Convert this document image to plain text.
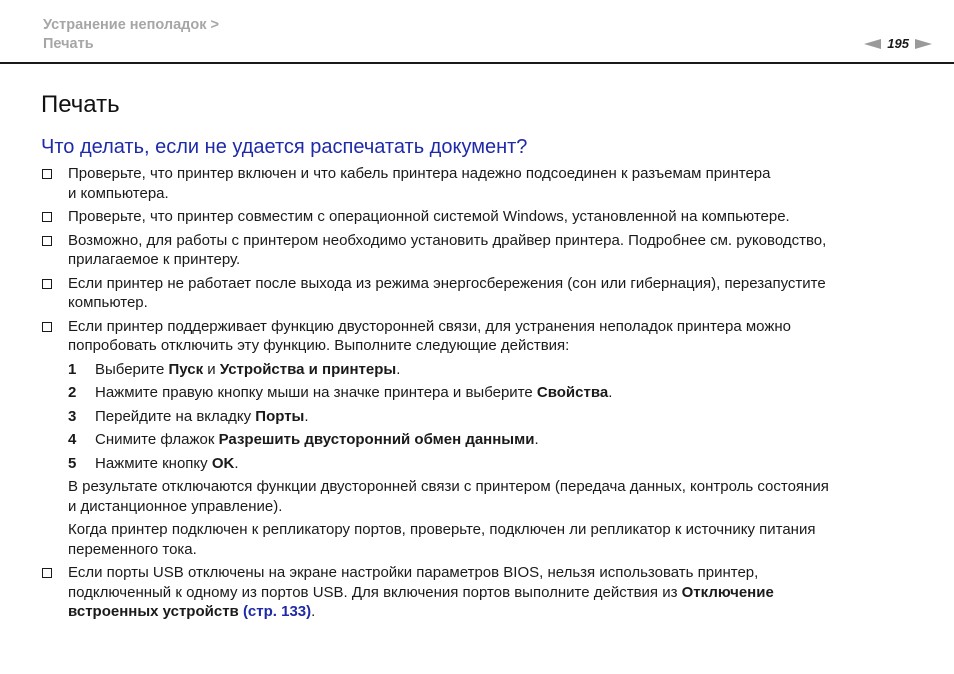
Устранение неполадок >
Печать	195
Печать
Что делать, если не удается распечатать документ?
Проверьте, что принтер включен и что кабель принтера надежно подсоединен к разъемам принтера
и компьютера.
Проверьте, что принтер совместим с операционной системой Windows, установленной на компьютере.
Возможно, для работы с принтером необходимо установить драйвер принтера. Подробнее см. руководство,
прилагаемое к принтеру.
Если принтер не работает после выхода из режима энергосбережения (сон или гибернация), перезапустите
компьютер.
Если принтер поддерживает функцию двусторонней связи, для устранения неполадок принтера можно
попробовать отключить эту функцию. Выполните следующие действия:
1 Выберите Пуск и Устройства и принтеры.
2 Нажмите правую кнопку мыши на значке принтера и выберите Свойства.
3 Перейдите на вкладку Порты.
4 Снимите флажок Разрешить двусторонний обмен данными.
5 Нажмите кнопку OK.
В результате отключаются функции двусторонней связи с принтером (передача данных, контроль состояния
и дистанционное управление).
Когда принтер подключен к репликатору портов, проверьте, подключен ли репликатор к источнику питания
переменного тока.
Если порты USB отключены на экране настройки параметров BIOS, нельзя использовать принтер,
подключенный к одному из портов USB. Для включения портов выполните действия из Отключение
встроенных устройств (стр. 133).
